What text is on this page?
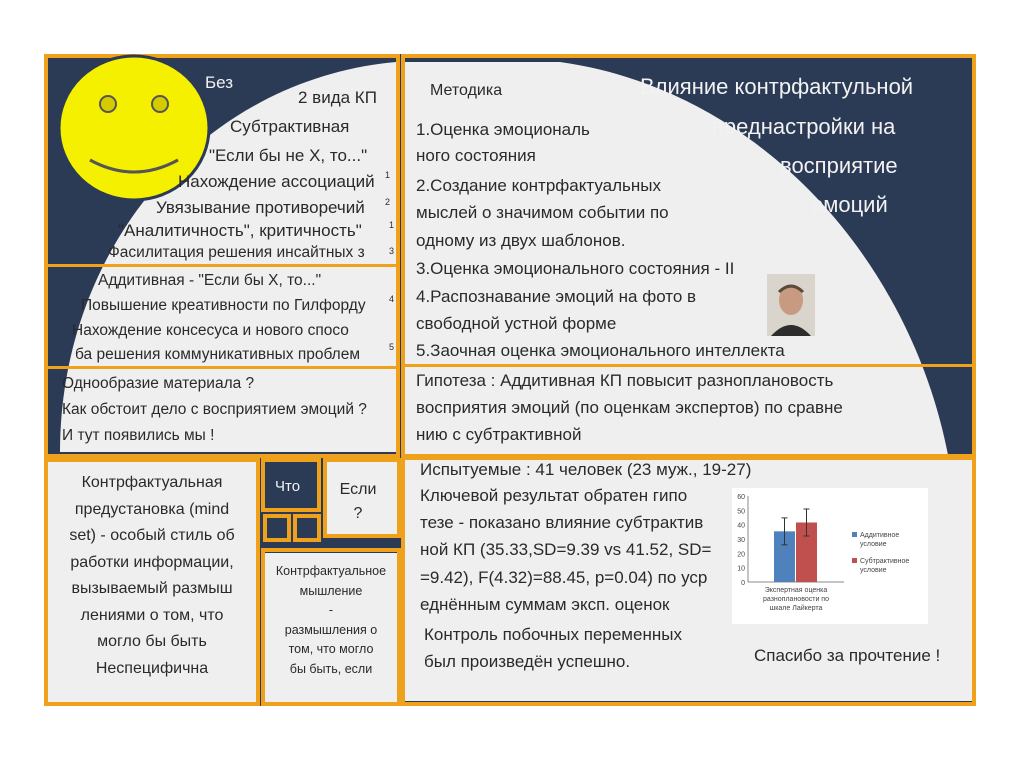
Без
2 вида КП
Субтрактивная
"Если бы не Х, то..."
Нахождение ассоциаций 1
Увязывание противоречий 2
"Аналитичность", критичность"	1
Фасилитация решения инсайтных з	3
Аддитивная - "Если бы Х, то..."
Повышение креативности по Гилфорду	4
Нахождение консесуса и нового спосо
ба решения коммуникативных проблем	5
Однообразие материала ?
Как обстоит дело с восприятием эмоций ?
И тут появились мы !
Влияние контрфактульной
преднастройки на
восприятие
эмоций
Методика
1.Оценка эмоциональ
ного состояния
2.Создание контрфактуальных
мыслей о значимом событии по
одному из двух шаблонов.
3.Оценка эмоционального состояния - II
4.Распознавание эмоций на фото в
свободной устной форме
5.Заочная оценка эмоционального интеллекта
Гипотеза : Аддитивная КП повысит разноплановость
восприятия эмоций (по оценкам экспертов) по сравне
нию с субтрактивной
Испытуемые : 41 человек (23 муж., 19-27)
Ключевой результат обратен гипо
тезе - показано влияние субтрактив
ной КП (35.33,SD=9.39 vs 41.52, SD=
=9.42), F(4.32)=88.45, p=0.04) по уср
еднённым суммам эксп. оценок
Контроль побочных переменных
был произведён успешно.	Спасибо за прочтение !
0
10
20
30
40
50
60
Аддитивное
условие
Субтрактивное
условие
Экспертная оценка
разноплановости по
шкале Лайкерта
Контрфактуальная
предустановка (mind
set) - особый стиль об
работки информации,
вызываемый размыш
лениями о том, что
могло бы быть
Неспецифична
Что	Если
?
Контрфактуальное
мышление
-
размышления о
том, что могло
бы быть, если
